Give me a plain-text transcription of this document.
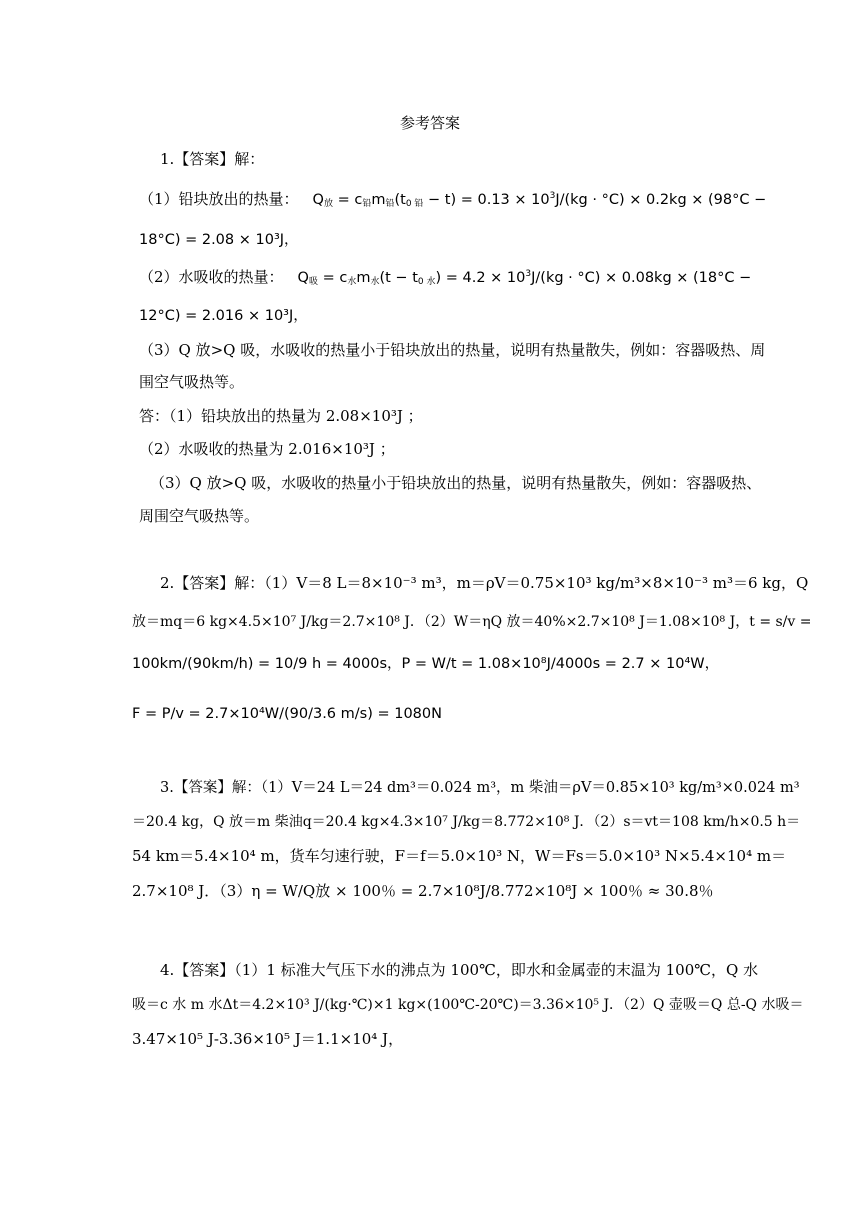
参考答案
1.【答案】解：
（1）铅块放出的热量： $Q_放 = c_铅m_铅(t_{0 铅} - t) = 0.13 \times 10^3J/(kg \cdot ^\circ C) \times 0.2kg \times (98^\circ C$ −
18°C) = 2.08 × 10³J，
（2）水吸收的热量： $Q_吸 = c_水m_水(t - t_{0 水}) = 4.2 \times 10^3J/(kg \cdot ^\circ C) \times 0.08kg \times (18^\circ C$ −
12°C) = 2.016 × 10³J，
（3）Q 放>Q 吸，水吸收的热量小于铅块放出的热量，说明有热量散失，例如：容器吸热、周
围空气吸热等。
答：（1）铅块放出的热量为 2.08×10³J ；
（2）水吸收的热量为 2.016×10³J ；
（3）Q 放>Q 吸，水吸收的热量小于铅块放出的热量，说明有热量散失，例如：容器吸热、
周围空气吸热等。
2.【答案】解：（1）V＝8 L＝8×10⁻³ m³，m＝ρV＝0.75×10³ kg/m³×8×10⁻³ m³＝6 kg，Q
放＝mq＝6 kg×4.5×10⁷ J/kg＝2.7×10⁸ J．（2）W＝ηQ 放＝40%×2.7×10⁸ J＝1.08×10⁸ J，t = s/v =
100km/(90km/h) = 10/9 h = 4000s，P = W/t = 1.08×10⁸J/4000s = 2.7 × 10⁴W，
F = P/v = 2.7×10⁴W/(90/3.6 m/s) = 1080N
3.【答案】解：（1）V＝24 L＝24 dm³＝0.024 m³，m 柴油＝ρV＝0.85×10³ kg/m³×0.024 m³
＝20.4 kg，Q 放＝m 柴油q＝20.4 kg×4.3×10⁷ J/kg＝8.772×10⁸ J．（2）s＝vt＝108 km/h×0.5 h＝
54 km＝5.4×10⁴ m，货车匀速行驶，F＝f＝5.0×10³ N，W＝Fs＝5.0×10³ N×5.4×10⁴ m＝
2.7×10⁸ J．（3）η = W/Q放 × 100％ = 2.7×10⁸J/8.772×10⁸J × 100％ ≈ 30.8％
4.【答案】（1）1 标准大气压下水的沸点为 100℃，即水和金属壶的末温为 100℃，Q 水
吸＝c 水 m 水Δt＝4.2×10³ J/(kg·℃)×1 kg×(100℃-20℃)＝3.36×10⁵ J．（2）Q 壶吸＝Q 总-Q 水吸＝
3.47×10⁵ J-3.36×10⁵ J＝1.1×10⁴ J，
